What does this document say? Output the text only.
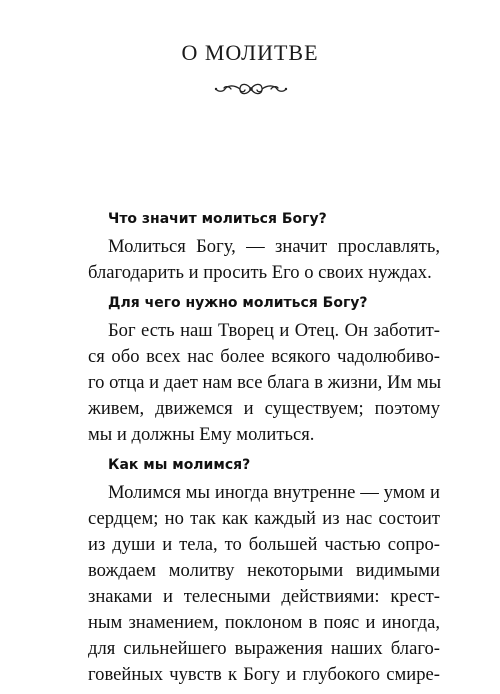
О МОЛИТВЕ
Что значит молиться Богу?
Молиться Богу, — значит прославлять,
благодарить и просить Его о своих нуждах.
Для чего нужно молиться Богу?
Бог есть наш Творец и Отец. Он заботит-
ся обо всех нас более всякого чадолюбиво-
го отца и дает нам все блага в жизни, Им мы
живем, движемся и существуем; поэтому
мы и должны Ему молиться.
Как мы молимся?
Молимся мы иногда внутренне — умом и
сердцем; но так как каждый из нас состоит
из души и тела, то большей частью сопро-
вождаем молитву некоторыми видимыми
знаками и телесными действиями: крест-
ным знамением, поклоном в пояс и иногда,
для сильнейшего выражения наших благо-
говейных чувств к Богу и глубокого смире-
